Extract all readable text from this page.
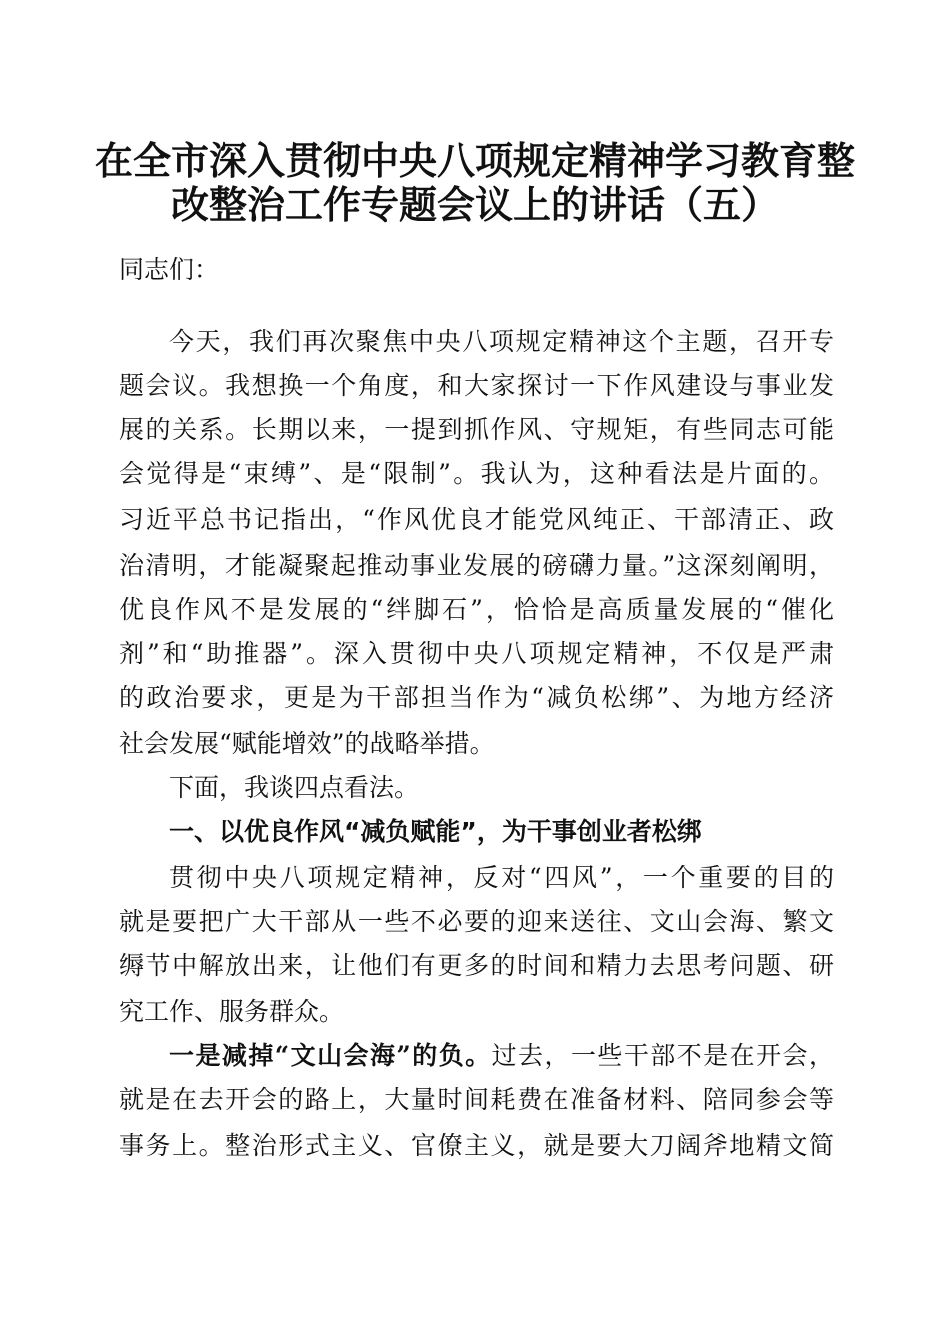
在全市深入贯彻中央八项规定精神学习教育整
改整治工作专题会议上的讲话（五）
同志们：
今天，我们再次聚焦中央八项规定精神这个主题，召开专
题会议。我想换一个角度，和大家探讨一下作风建设与事业发
展的关系。长期以来，一提到抓作风、守规矩，有些同志可能
会觉得是“束缚”、是“限制”。我认为，这种看法是片面的。
习近平总书记指出，“作风优良才能党风纯正、干部清正、政
治清明，才能凝聚起推动事业发展的磅礴力量。”这深刻阐明，
优良作风不是发展的“绊脚石”，恰恰是高质量发展的“催化
剂”和“助推器”。深入贯彻中央八项规定精神，不仅是严肃
的政治要求，更是为干部担当作为“减负松绑”、为地方经济
社会发展“赋能增效”的战略举措。
下面，我谈四点看法。
一、以优良作风“减负赋能”，为干事创业者松绑
贯彻中央八项规定精神，反对“四风”，一个重要的目的
就是要把广大干部从一些不必要的迎来送往、文山会海、繁文
缛节中解放出来，让他们有更多的时间和精力去思考问题、研
究工作、服务群众。
一是减掉“文山会海”的负。过去，一些干部不是在开会，
就是在去开会的路上，大量时间耗费在准备材料、陪同参会等
事务上。整治形式主义、官僚主义，就是要大刀阔斧地精文简
